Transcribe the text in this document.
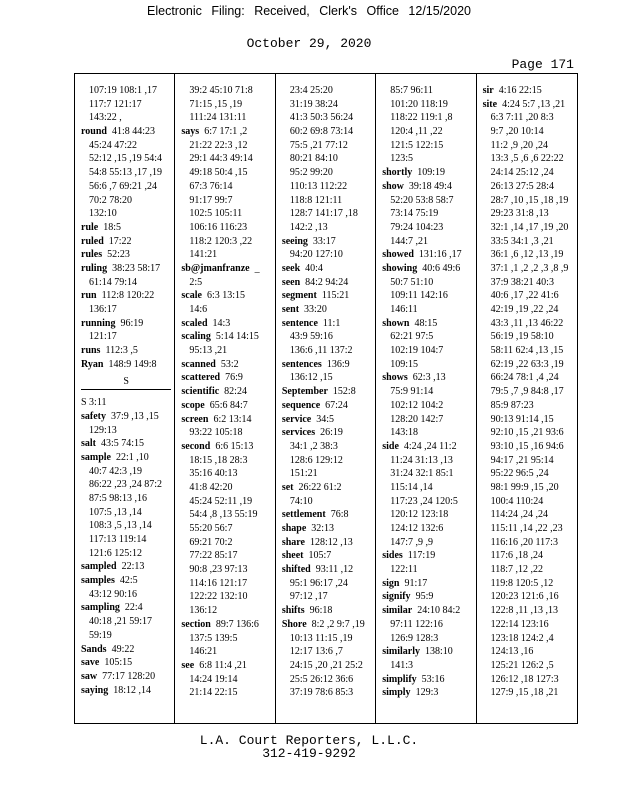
Electronic Filing: Received, Clerk's Office 12/15/2020
October 29, 2020
Page 171
107:19 108:1 ,17
117:7 121:17
143:22 ,
round 41:8 44:23
45:24 47:22
52:12 ,15 ,19 54:4
54:8 55:13 ,17 ,19
56:6 ,7 69:21 ,24
70:2 78:20
132:10
rule 18:5
ruled 17:22
rules 52:23
ruling 38:23 58:17
61:14 79:14
run 112:8 120:22
136:17
running 96:19
121:17
runs 112:3 ,5
Ryan 148:9 149:8
S
S 3:11
safety 37:9 ,13 ,15
129:13
salt 43:5 74:15
sample 22:1 ,10
40:7 42:3 ,19
86:22 ,23 ,24 87:2
87:5 98:13 ,16
107:5 ,13 ,14
108:3 ,5 ,13 ,14
117:13 119:14
121:6 125:12
sampled 22:13
samples 42:5
43:12 90:16
sampling 22:4
40:18 ,21 59:17
59:19
Sands 49:22
save 105:15
saw 77:17 128:20
saying 18:12 ,14
39:2 45:10 71:8
71:15 ,15 ,19
111:24 131:11
says 6:7 17:1 ,2
21:22 22:3 ,12
29:1 44:3 49:14
49:18 50:4 ,15
67:3 76:14
91:17 99:7
102:5 105:11
106:16 116:23
118:2 120:3 ,22
141:21
sb@jmanfranze _
2:5
scale 6:3 13:15
14:6
scaled 14:3
scaling 5:14 14:15
95:13 ,21
scanned 53:2
scattered 76:9
scientific 82:24
scope 65:6 84:7
screen 6:2 13:14
93:22 105:18
second 6:6 15:13
18:15 ,18 28:3
35:16 40:13
41:8 42:20
45:24 52:11 ,19
54:4 ,8 ,13 55:19
55:20 56:7
69:21 70:2
77:22 85:17
90:8 ,23 97:13
114:16 121:17
122:22 132:10
136:12
section 89:7 136:6
137:5 139:5
146:21
see 6:8 11:4 ,21
14:24 19:14
21:14 22:15
23:4 25:20
31:19 38:24
41:3 50:3 56:24
60:2 69:8 73:14
75:5 ,21 77:12
80:21 84:10
95:2 99:20
110:13 112:22
118:8 121:11
128:7 141:17 ,18
142:2 ,13
seeing 33:17
94:20 127:10
seek 40:4
seen 84:2 94:24
segment 115:21
sent 33:20
sentence 11:1
43:9 59:16
136:6 ,11 137:2
sentences 136:9
136:12 ,15
September 152:8
sequence 67:24
service 34:5
services 26:19
34:1 ,2 38:3
128:6 129:12
151:21
set 26:22 61:2
74:10
settlement 76:8
shape 32:13
share 128:12 ,13
sheet 105:7
shifted 93:11 ,12
95:1 96:17 ,24
97:12 ,17
shifts 96:18
Shore 8:2 ,2 9:7 ,19
10:13 11:15 ,19
12:17 13:6 ,7
24:15 ,20 ,21 25:2
25:5 26:12 36:6
37:19 78:6 85:3
85:7 96:11
101:20 118:19
118:22 119:1 ,8
120:4 ,11 ,22
121:5 122:15
123:5
shortly 109:19
show 39:18 49:4
52:20 53:8 58:7
73:14 75:19
79:24 104:23
144:7 ,21
showed 131:16 ,17
showing 40:6 49:6
50:7 51:10
109:11 142:16
146:11
shown 48:15
62:21 97:5
102:19 104:7
109:15
shows 62:3 ,13
75:9 91:14
102:12 104:2
128:20 142:7
143:18
side 4:24 ,24 11:2
11:24 31:13 ,13
31:24 32:1 85:1
115:14 ,14
117:23 ,24 120:5
120:12 123:18
124:12 132:6
147:7 ,9 ,9
sides 117:19
122:11
sign 91:17
signify 95:9
similar 24:10 84:2
97:11 122:16
126:9 128:3
similarly 138:10
141:3
simplify 53:16
simply 129:3
sir 4:16 22:15
site 4:24 5:7 ,13 ,21
6:3 7:11 ,20 8:3
9:7 ,20 10:14
11:2 ,9 ,20 ,24
13:3 ,5 ,6 ,6 22:22
24:14 25:12 ,24
26:13 27:5 28:4
28:7 ,10 ,15 ,18 ,19
29:23 31:8 ,13
32:1 ,14 ,17 ,19 ,20
33:5 34:1 ,3 ,21
36:1 ,6 ,12 ,13 ,19
37:1 ,1 ,2 ,2 ,3 ,8 ,9
37:9 38:21 40:3
40:6 ,17 ,22 41:6
42:19 ,19 ,22 ,24
43:3 ,11 ,13 46:22
56:19 ,19 58:10
58:11 62:4 ,13 ,15
62:19 ,22 63:3 ,19
66:24 78:1 ,4 ,24
79:5 ,7 ,9 84:8 ,17
85:9 87:23
90:13 91:14 ,15
92:10 ,15 ,21 93:6
93:10 ,15 ,16 94:6
94:17 ,21 95:14
95:22 96:5 ,24
98:1 99:9 ,15 ,20
100:4 110:24
114:24 ,24 ,24
115:11 ,14 ,22 ,23
116:16 ,20 117:3
117:6 ,18 ,24
118:7 ,12 ,22
119:8 120:5 ,12
120:23 121:6 ,16
122:8 ,11 ,13 ,13
122:14 123:16
123:18 124:2 ,4
124:13 ,16
125:21 126:2 ,5
126:12 ,18 127:3
127:9 ,15 ,18 ,21
L.A. Court Reporters, L.L.C.
312-419-9292
